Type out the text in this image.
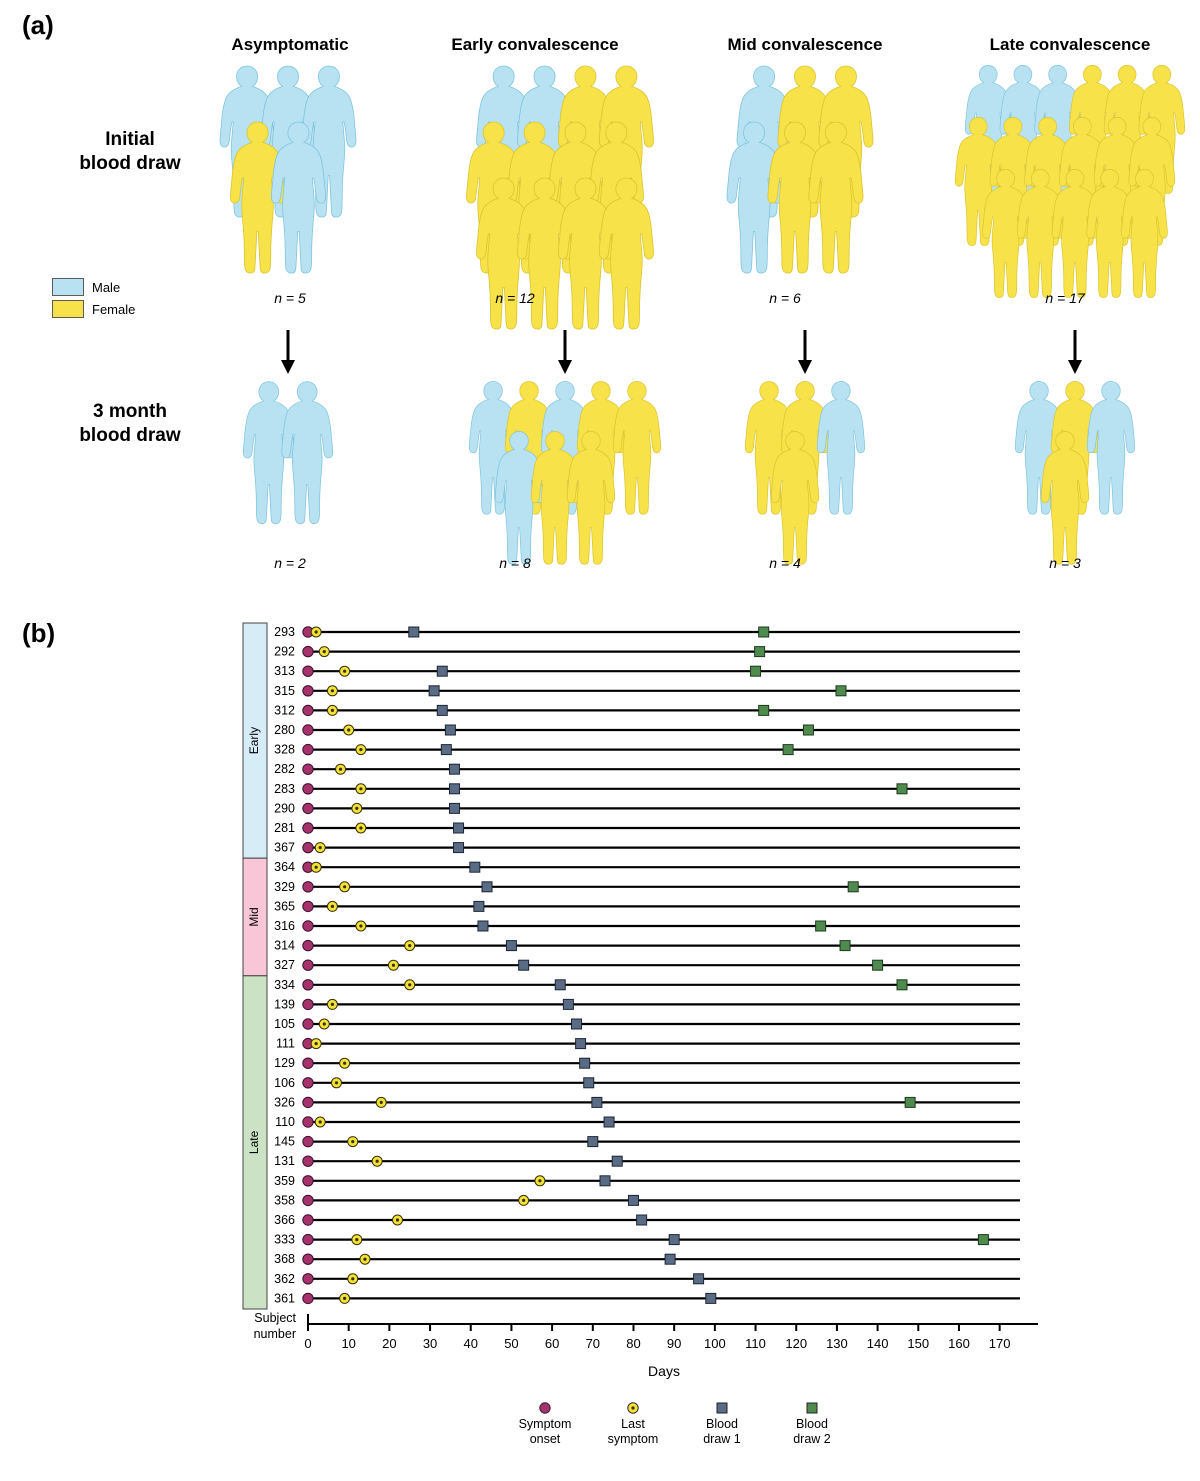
(a)
Asymptomatic	Early convalescence	Mid convalescence	Late convalescence
Initial
blood draw
3 month
blood draw
Male
Female
n = 5	n = 12	n = 6	n = 17
n = 2	n = 8	n = 4	n = 3
(b)
Early
Mid
Late
293
292
313
315
312
280
328
282
283
290
281
367
364
329
365
316
314
327
334
139
105
111
129
106
326
110
145
131
359
358
366
333
368
362
361
0 10 20 30 40 50 60 70 80 90 100 110 120 130 140 150 160 170
Subject
number
Days
Symptom
onset
Last
symptom
Blood
draw 1
Blood
draw 2
